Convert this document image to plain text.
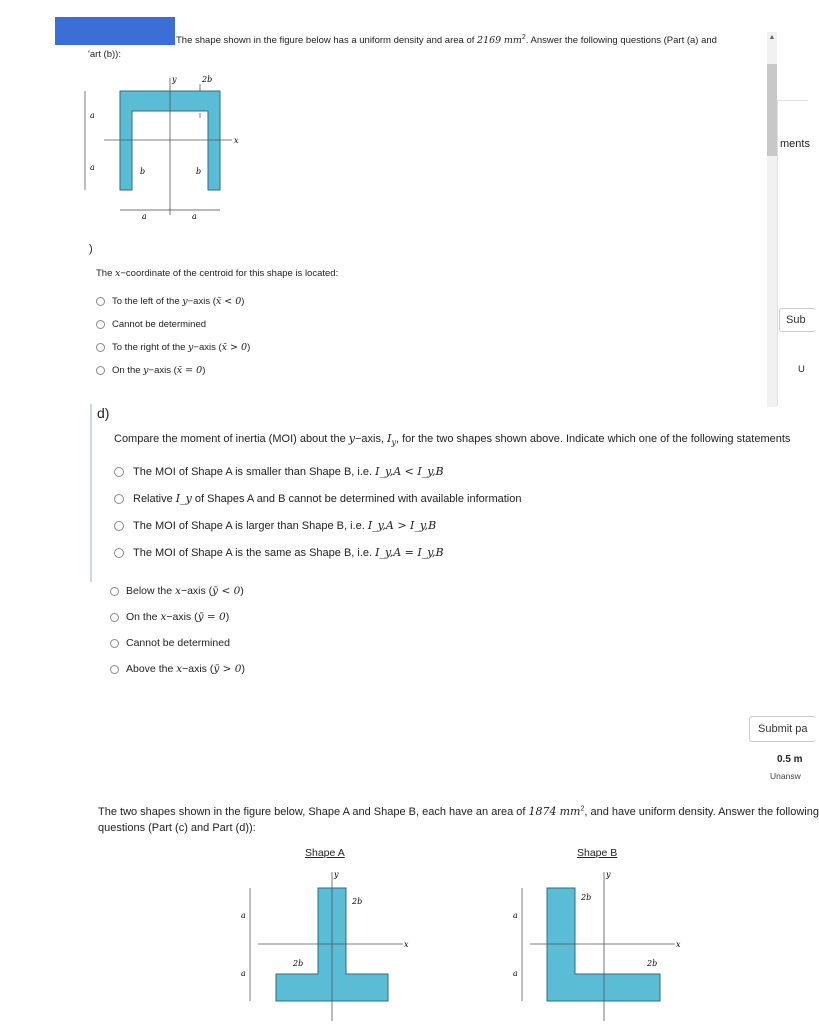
The shape shown in the figure below has a uniform density and area of 2169 $mm^2$. Answer the following questions (Part (a) and
'art (b)):
y
x
2b
a
a	b	b
a	a
)
The x−coordinate of the centroid for this shape is located:
To the left of the y−axis (x̄ < 0)
Cannot be determined
To the right of the y−axis (x̄ > 0)
On the y−axis (x̄ = 0)
▲
ments
Sub
U
d)
Compare the moment of inertia (MOI) about the y−axis, $I_y$, for the two shapes shown above. Indicate which one of the following statements
The MOI of Shape A is smaller than Shape B, i.e. I_y,A < I_y,B
Relative I_y of Shapes A and B cannot be determined with available information
The MOI of Shape A is larger than Shape B, i.e. I_y,A > I_y,B
The MOI of Shape A is the same as Shape B, i.e. I_y,A = I_y,B
Below the x−axis (ȳ < 0)
On the x−axis (ȳ = 0)
Cannot be determined
Above the x−axis (ȳ > 0)
Submit pa
0.5 m
Unansw
The two shapes shown in the figure below, Shape A and Shape B, each have an area of 1874 $mm^2$, and have uniform density. Answer the following
questions (Part (c) and Part (d)):
Shape A	Shape B
y
x
2b
2b
a
a
y
x
2b
2b
a
a
